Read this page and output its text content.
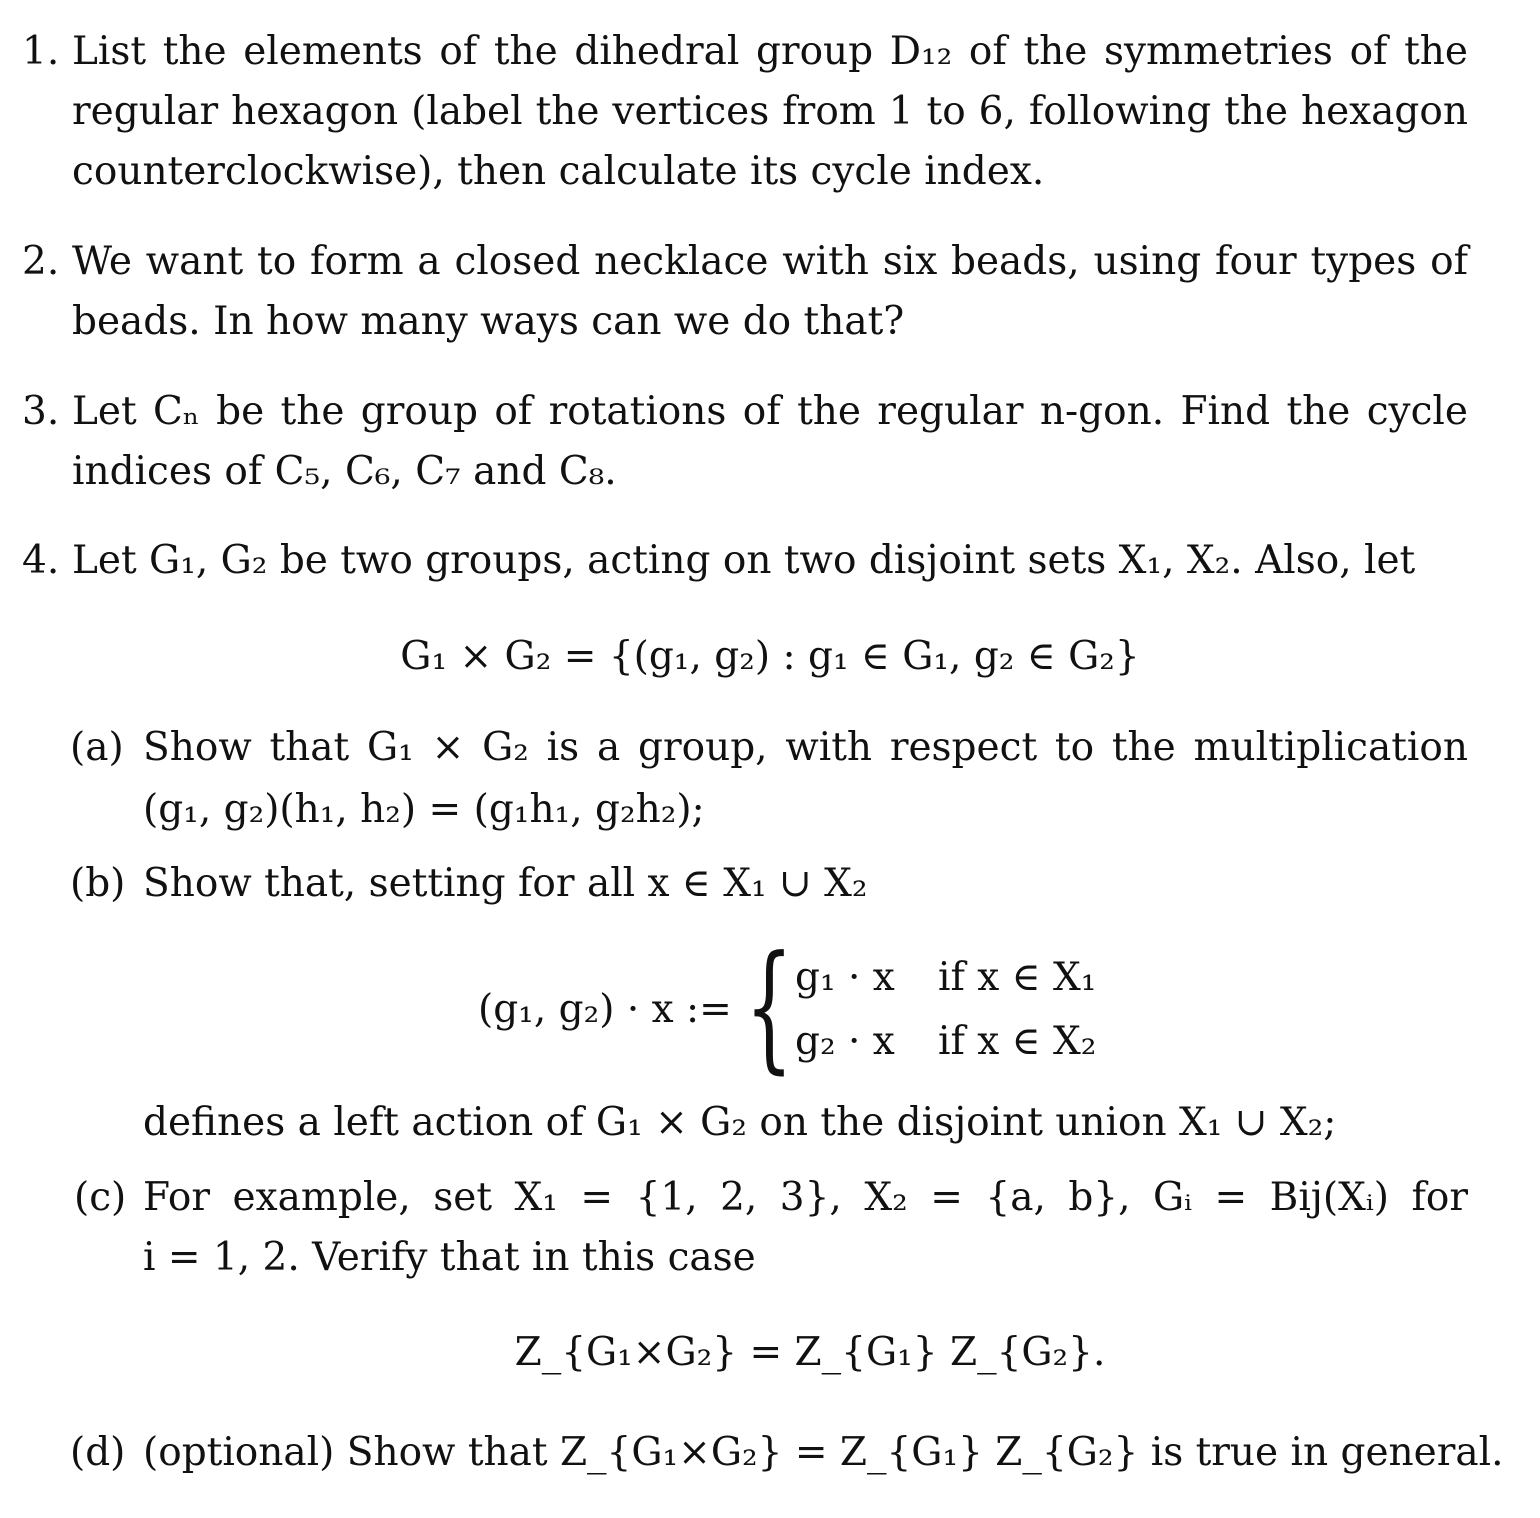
1. List the elements of the dihedral group D₁₂ of the symmetries of the
regular hexagon (label the vertices from 1 to 6, following the hexagon
counterclockwise), then calculate its cycle index.
2. We want to form a closed necklace with six beads, using four types of
beads. In how many ways can we do that?
3. Let Cₙ be the group of rotations of the regular n-gon. Find the cycle
indices of C₅, C₆, C₇ and C₈.
4. Let G₁, G₂ be two groups, acting on two disjoint sets X₁, X₂. Also, let
G₁ × G₂ = {(g₁, g₂) : g₁ ∈ G₁, g₂ ∈ G₂}
(a) Show that G₁ × G₂ is a group, with respect to the multiplication
(g₁, g₂)(h₁, h₂) = (g₁h₁, g₂h₂);
(b) Show that, setting for all x ∈ X₁ ∪ X₂
(g₁, g₂) · x := { g₁ · x if x ∈ X₁
g₂ · x if x ∈ X₂
defines a left action of G₁ × G₂ on the disjoint union X₁ ∪ X₂;
(c) For example, set X₁ = {1, 2, 3}, X₂ = {a, b}, Gᵢ = Bij(Xᵢ) for
i = 1, 2. Verify that in this case
Z_{G₁×G₂} = Z_{G₁} Z_{G₂}.
(d) (optional) Show that Z_{G₁×G₂} = Z_{G₁} Z_{G₂} is true in general.
